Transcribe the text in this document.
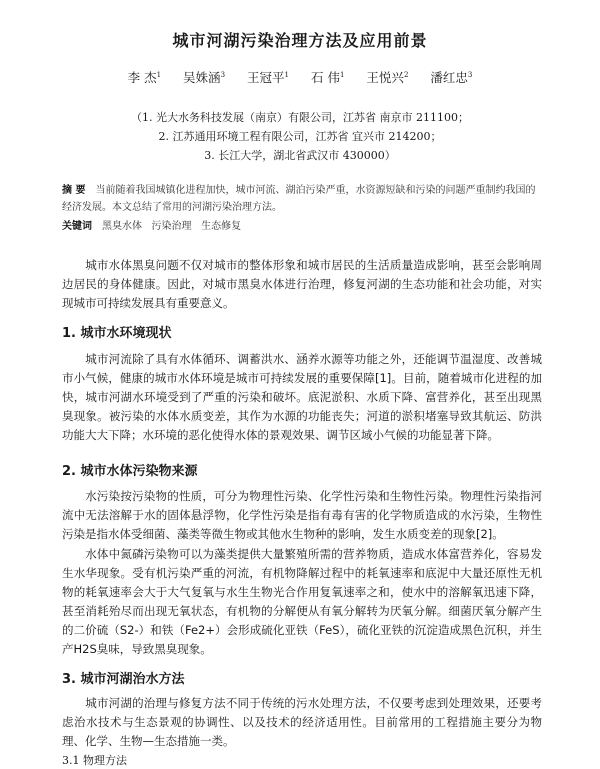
城市河湖污染治理方法及应用前景
李 杰$^1$ 吴姝涵$^3$ 王冠平$^1$ 石 伟$^1$ 王悦兴$^2$ 潘红忠$^3$
（1. 光大水务科技发展（南京）有限公司，江苏省 南京市 211100；
2. 江苏通用环境工程有限公司，江苏省 宜兴市 214200；
3. 长江大学，湖北省武汉市 430000）
摘 要 当前随着我国城镇化进程加快，城市河流、湖泊污染严重，水资源短缺和污染的问题严重制约我国的经济发展。本文总结了常用的河湖污染治理方法。
关键词 黑臭水体   污染治理   生态修复
城市水体黑臭问题不仅对城市的整体形象和城市居民的生活质量造成影响，甚至会影响周边居民的身体健康。因此，对城市黑臭水体进行治理，修复河湖的生态功能和社会功能，对实现城市可持续发展具有重要意义。
1. 城市水环境现状
城市河流除了具有水体循环、调蓄洪水、涵养水源等功能之外，还能调节温湿度、改善城市小气候，健康的城市水体环境是城市可持续发展的重要保障[1]。目前，随着城市化进程的加快，城市河湖水环境受到了严重的污染和破坏。底泥淤积、水质下降、富营养化，甚至出现黑臭现象。被污染的水体水质变差，其作为水源的功能丧失；河道的淤积堵塞导致其航运、防洪功能大大下降；水环境的恶化使得水体的景观效果、调节区域小气候的功能显著下降。
2. 城市水体污染物来源
水污染按污染物的性质，可分为物理性污染、化学性污染和生物性污染。物理性污染指河流中无法溶解于水的固体悬浮物，化学性污染是指有毒有害的化学物质造成的水污染，生物性污染是指水体受细菌、藻类等微生物或其他水生物种的影响，发生水质变差的现象[2]。
水体中氮磷污染物可以为藻类提供大量繁殖所需的营养物质，造成水体富营养化，容易发生水华现象。受有机污染严重的河流，有机物降解过程中的耗氧速率和底泥中大量还原性无机物的耗氧速率会大于大气复氧与水生生物光合作用复氧速率之和，使水中的溶解氧迅速下降，甚至消耗殆尽而出现无氧状态，有机物的分解便从有氧分解转为厌氧分解。细菌厌氧分解产生的二价硫（S2-）和铁（Fe2+）会形成硫化亚铁（FeS），硫化亚铁的沉淀造成黑色沉积，并生产H2S臭味，导致黑臭现象。
3. 城市河湖治水方法
城市河湖的治理与修复方法不同于传统的污水处理方法，不仅要考虑到处理效果，还要考虑治水技术与生态景观的协调性、以及技术的经济适用性。目前常用的工程措施主要分为物理、化学、生物—生态措施一类。
3.1 物理方法
